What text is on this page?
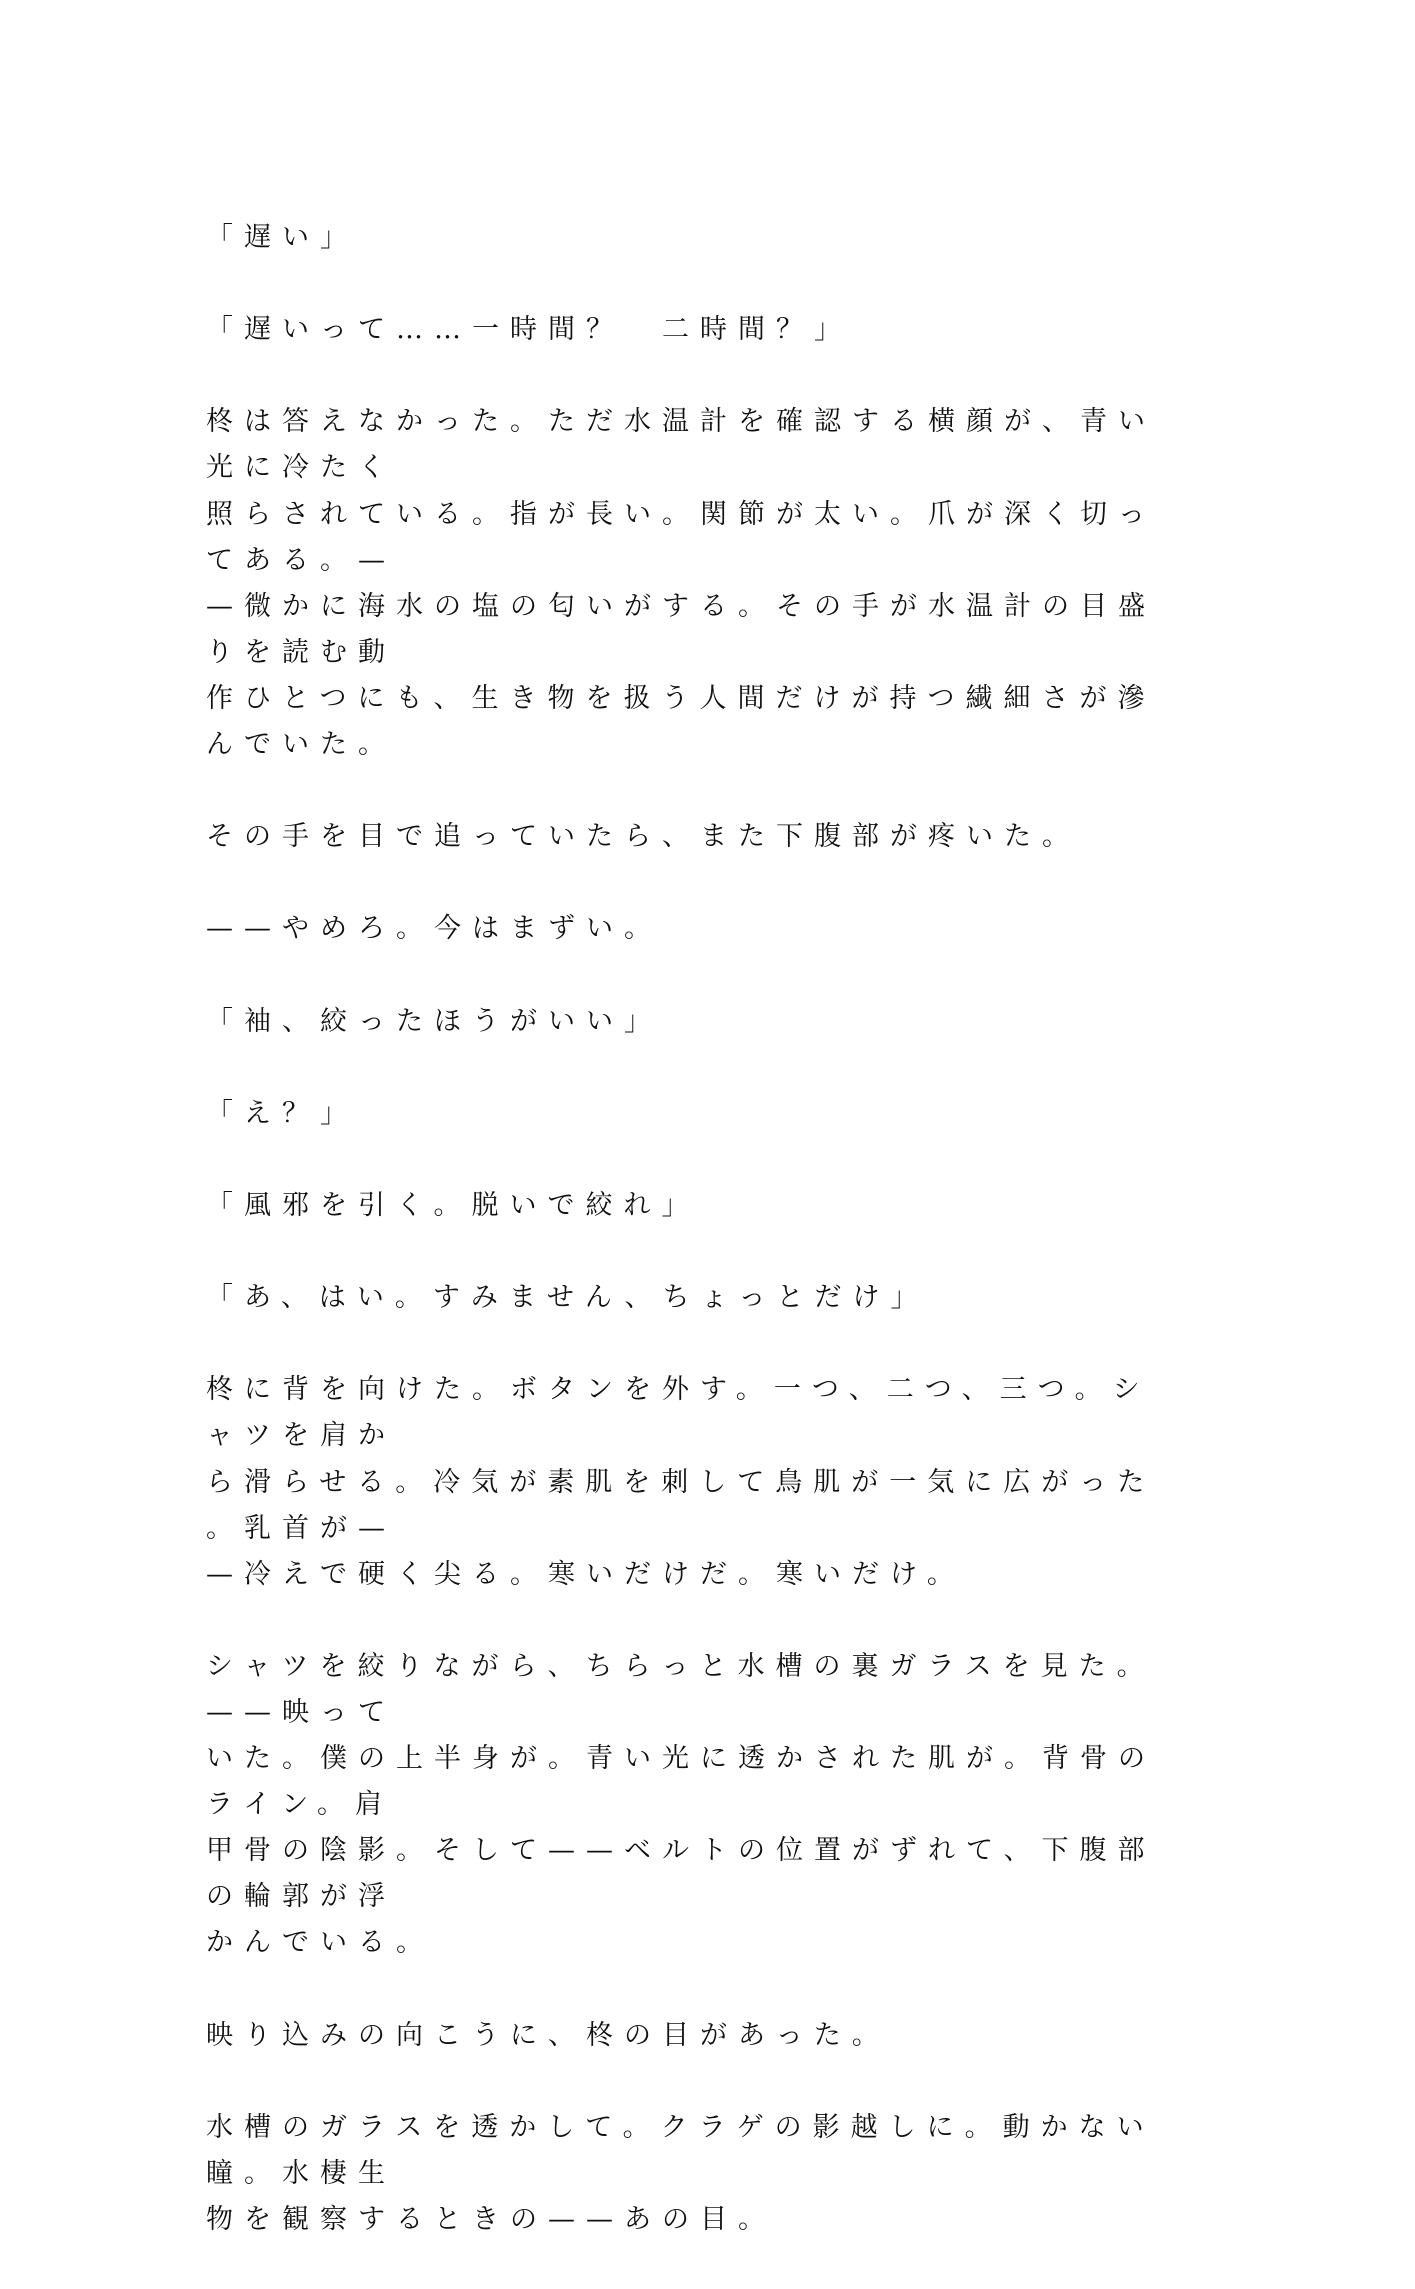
「遅い」
「遅いって……一時間？　二時間？」
柊は答えなかった。ただ水温計を確認する横顔が、青い光に冷たく
照らされている。指が長い。関節が太い。爪が深く切ってある。—
—微かに海水の塩の匂いがする。その手が水温計の目盛りを読む動
作ひとつにも、生き物を扱う人間だけが持つ繊細さが滲んでいた。
その手を目で追っていたら、また下腹部が疼いた。
——やめろ。今はまずい。
「袖、絞ったほうがいい」
「え？」
「風邪を引く。脱いで絞れ」
「あ、はい。すみません、ちょっとだけ」
柊に背を向けた。ボタンを外す。一つ、二つ、三つ。シャツを肩か
ら滑らせる。冷気が素肌を刺して鳥肌が一気に広がった。乳首が—
—冷えで硬く尖る。寒いだけだ。寒いだけ。
シャツを絞りながら、ちらっと水槽の裏ガラスを見た。——映って
いた。僕の上半身が。青い光に透かされた肌が。背骨のライン。肩
甲骨の陰影。そして——ベルトの位置がずれて、下腹部の輪郭が浮
かんでいる。
映り込みの向こうに、柊の目があった。
水槽のガラスを透かして。クラゲの影越しに。動かない瞳。水棲生
物を観察するときの——あの目。
